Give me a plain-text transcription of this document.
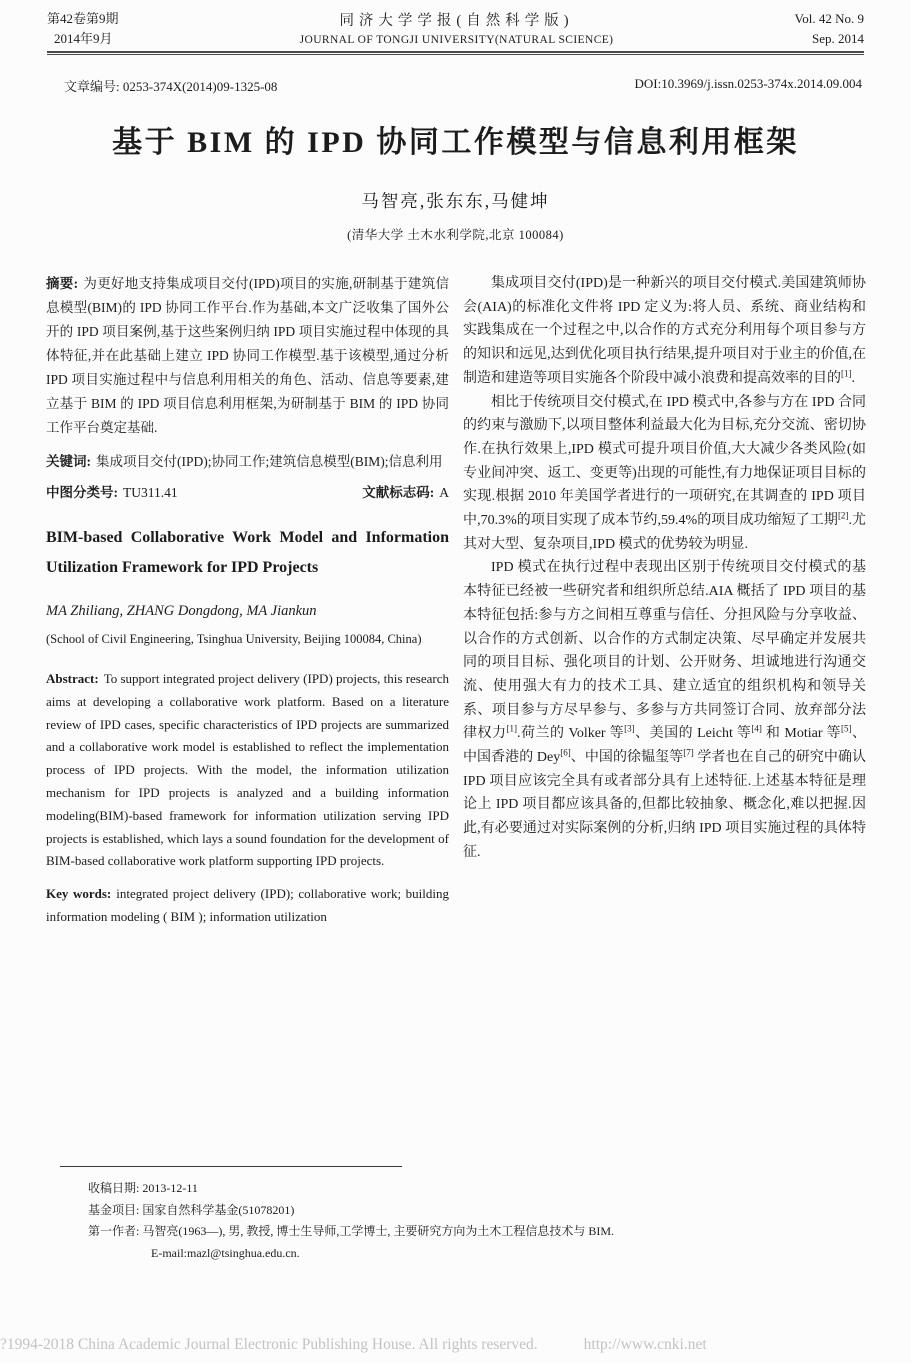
第42卷第9期
2014年9月
同济大学学报(自然科学版)
JOURNAL OF TONGJI UNIVERSITY(NATURAL SCIENCE)
Vol. 42 No. 9
Sep. 2014
文章编号: 0253-374X(2014)09-1325-08	DOI:10.3969/j.issn.0253-374x.2014.09.004
基于 BIM 的 IPD 协同工作模型与信息利用框架
马智亮,张东东,马健坤
(清华大学 土木水利学院,北京 100084)

摘要: 为更好地支持集成项目交付(IPD)项目的实施,研制基于建筑信息模型(BIM)的 IPD 协同工作平台.作为基础,本文广泛收集了国外公开的 IPD 项目案例,基于这些案例归纳 IPD 项目实施过程中体现的具体特征,并在此基础上建立 IPD 协同工作模型.基于该模型,通过分析 IPD 项目实施过程中与信息利用相关的角色、活动、信息等要素,建立基于 BIM 的 IPD 项目信息利用框架,为研制基于 BIM 的 IPD 协同工作平台奠定基础.

关键词: 集成项目交付(IPD);协同工作;建筑信息模型(BIM);信息利用

中图分类号: TU311.41	文献标志码: A

BIM-based Collaborative Work Model and Information Utilization Framework for IPD Projects

MA Zhiliang, ZHANG Dongdong, MA Jiankun

(School of Civil Engineering, Tsinghua University, Beijing 100084, China)

Abstract: To support integrated project delivery (IPD) projects, this research aims at developing a collaborative work platform. Based on a literature review of IPD cases, specific characteristics of IPD projects are summarized and a collaborative work model is established to reflect the implementation process of IPD projects. With the model, the information utilization mechanism for IPD projects is analyzed and a building information modeling(BIM)-based framework for information utilization serving IPD projects is established, which lays a sound foundation for the development of BIM-based collaborative work platform supporting IPD projects.

Key words: integrated project delivery (IPD); collaborative work; building information modeling ( BIM ); information utilization

集成项目交付(IPD)是一种新兴的项目交付模式.美国建筑师协会(AIA)的标准化文件将 IPD 定义为:将人员、系统、商业结构和实践集成在一个过程之中,以合作的方式充分利用每个项目参与方的知识和远见,达到优化项目执行结果,提升项目对于业主的价值,在制造和建造等项目实施各个阶段中减小浪费和提高效率的目的[1].

相比于传统项目交付模式,在 IPD 模式中,各参与方在 IPD 合同的约束与激励下,以项目整体利益最大化为目标,充分交流、密切协作.在执行效果上,IPD 模式可提升项目价值,大大减少各类风险(如专业间冲突、返工、变更等)出现的可能性,有力地保证项目目标的实现.根据 2010 年美国学者进行的一项研究,在其调查的 IPD 项目中,70.3%的项目实现了成本节约,59.4%的项目成功缩短了工期[2].尤其对大型、复杂项目,IPD 模式的优势较为明显.

IPD 模式在执行过程中表现出区别于传统项目交付模式的基本特征已经被一些研究者和组织所总结.AIA 概括了 IPD 项目的基本特征包括:参与方之间相互尊重与信任、分担风险与分享收益、以合作的方式创新、以合作的方式制定决策、尽早确定并发展共同的项目目标、强化项目的计划、公开财务、坦诚地进行沟通交流、使用强大有力的技术工具、建立适宜的组织机构和领导关系、项目参与方尽早参与、多参与方共同签订合同、放弃部分法律权力[1].荷兰的 Volker 等[3]、美国的 Leicht 等[4] 和 Motiar 等[5]、中国香港的 Dey[6]、中国的徐韫玺等[7] 学者也在自己的研究中确认 IPD 项目应该完全具有或者部分具有上述特征.上述基本特征是理论上 IPD 项目都应该具备的,但都比较抽象、概念化,难以把握.因此,有必要通过对实际案例的分析,归纳 IPD 项目实施过程的具体特征.

收稿日期: 2013-12-11
基金项目: 国家自然科学基金(51078201)
第一作者: 马智亮(1963—), 男, 教授, 博士生导师,工学博士, 主要研究方向为土木工程信息技术与 BIM.
E-mail:mazl@tsinghua.edu.cn.
?1994-2018 China Academic Journal Electronic Publishing House. All rights reserved.	http://www.cnki.net
